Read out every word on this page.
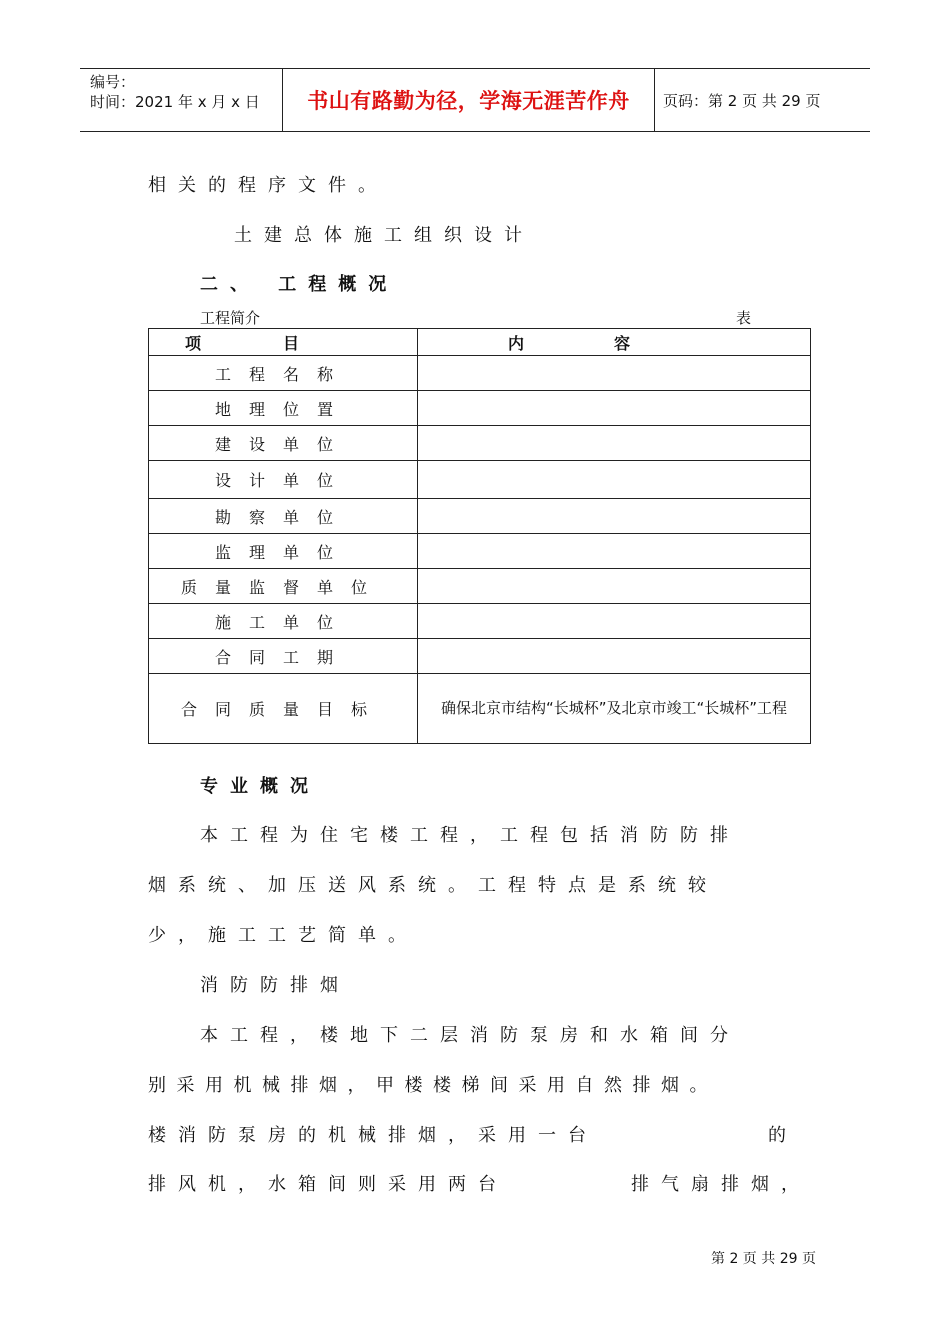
编号：
时间：2021 年 x 月 x 日	书山有路勤为径，学海无涯苦作舟	页码：第 2 页 共 29 页
相关的程序文件。
土建总体施工组织设计
二、 工程概况
工程简介	表
项目	内容
工程名称	
地理位置	
建设单位	
设计单位	
勘察单位	
监理单位	
质量监督单位	
施工单位	
合同工期	
合同质量目标	确保北京市结构“长城杯”及北京市竣工“长城杯”工程
专业概况
本工程为住宅楼工程，工程包括消防防排
烟系统、加压送风系统。工程特点是系统较
少，施工工艺简单。
消防防排烟
本工程，楼地下二层消防泵房和水箱间分
别采用机械排烟，甲楼楼梯间采用自然排烟。
楼消防泵房的机械排烟，采用一台	的
排风机，水箱间则采用两台	排气扇排烟，
第 2 页 共 29 页
